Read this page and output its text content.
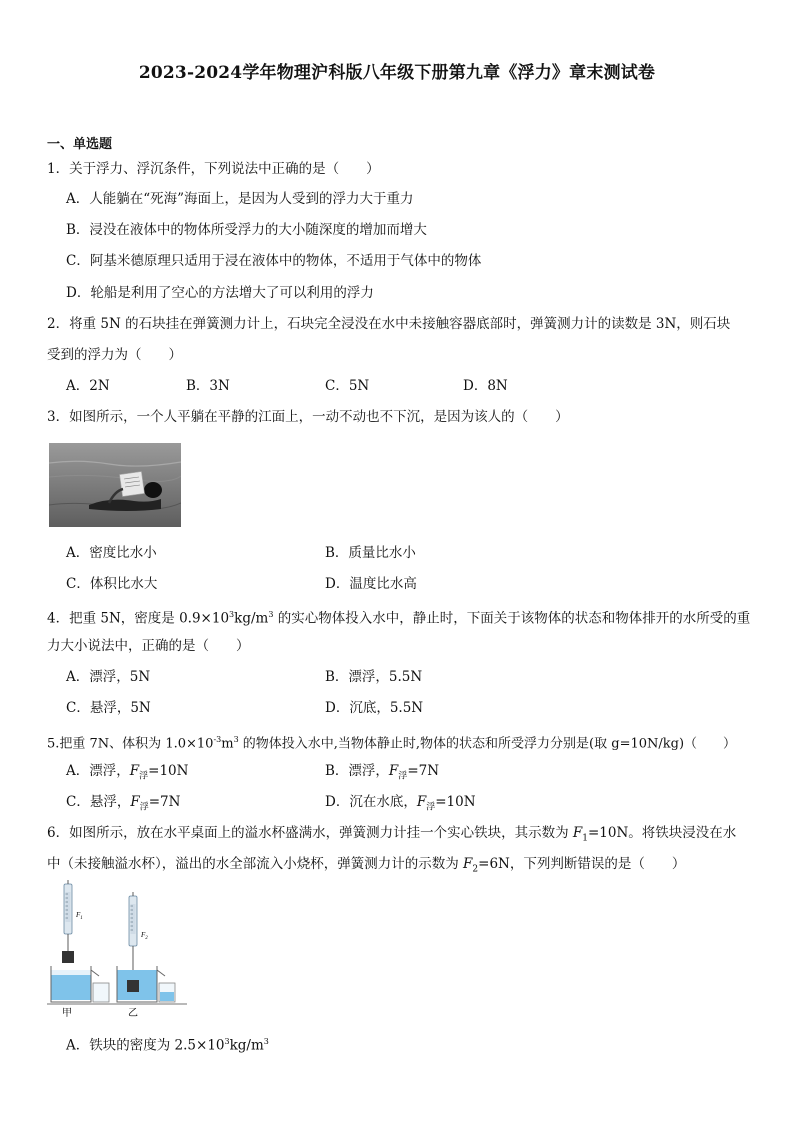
2023-2024学年物理沪科版八年级下册第九章《浮力》章末测试卷
一、单选题
1．关于浮力、浮沉条件，下列说法中正确的是（　　）
A．人能躺在“死海”海面上，是因为人受到的浮力大于重力
B．浸没在液体中的物体所受浮力的大小随深度的增加而增大
C．阿基米德原理只适用于浸在液体中的物体，不适用于气体中的物体
D．轮船是利用了空心的方法增大了可以利用的浮力
2．将重 5N 的石块挂在弹簧测力计上，石块完全浸没在水中未接触容器底部时，弹簧测力计的读数是 3N，则石块
受到的浮力为（　　）
A．2N	B．3N	C．5N	D．8N
3．如图所示，一个人平躺在平静的江面上，一动不动也不下沉，是因为该人的（　　）
A．密度比水小	B．质量比水小
C．体积比水大	D．温度比水高
4．把重 5N，密度是 $0.9\times 10^3kg/m^3$ 的实心物体投入水中，静止时，下面关于该物体的状态和物体排开的水所受的重
力大小说法中，正确的是（　　）
A．漂浮，5N	B．漂浮，5.5N
C．悬浮，5N	D．沉底，5.5N
5.把重 7N、体积为 $1.0\times 10^{-3}m^3$ 的物体投入水中,当物体静止时,物体的状态和所受浮力分别是(取 g=10N/kg)（　　）
A．漂浮，$F_浮=10N$	B．漂浮，$F_浮=7N$
C．悬浮，$F_浮=7N$	D．沉在水底，$F_浮=10N$
6．如图所示，放在水平桌面上的溢水杯盛满水，弹簧测力计挂一个实心铁块，其示数为 $F_1=10N$。将铁块浸没在水
中（未接触溢水杯），溢出的水全部流入小烧杯，弹簧测力计的示数为 $F_2=6N$，下列判断错误的是（　　）
$F_1$
$F_2$
甲	乙
A．铁块的密度为 $2.5\times 10^3kg/m^3$
